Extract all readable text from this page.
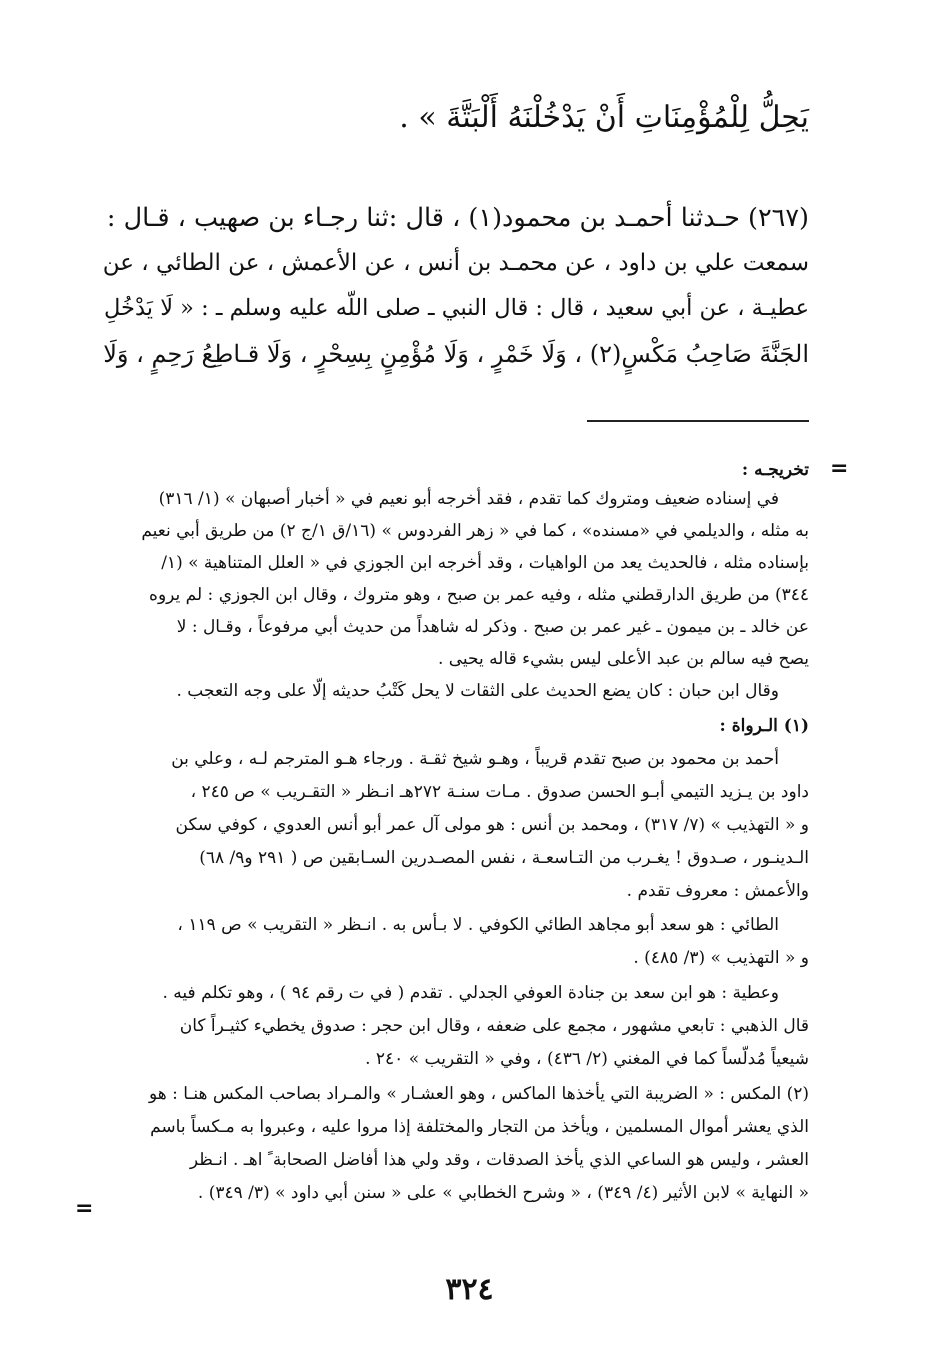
يَحِلُّ لِلْمُؤْمِنَاتِ أَنْ يَدْخُلْنَهُ أَلْبَتَّةَ » .
(٢٦٧) حـدثنا أحمـد بن محمود(١) ، قال :ثنا رجـاء بن صهيب ، قـال :
سمعت علي بن داود ، عن محمـد بن أنس ، عن الأعمش ، عن الطائي ، عن
عطيـة ، عن أبي سعيد ، قال : قال النبي ـ صلى اللّه عليه وسلم ـ : « لَا يَدْخُلِ
الجَنَّةَ صَاحِبُ مَكْسٍ(٢) ، وَلَا خَمْرٍ ، وَلَا مُؤْمِنٍ بِسِحْرٍ ، وَلَا قـاطِعُ رَحِمٍ ، وَلَا
=
=
تخريجـه :
في إسناده ضعيف ومتروك كما تقدم ، فقد أخرجه أبو نعيم في « أخبار أصبهان » (١/ ٣١٦)
به مثله ، والديلمي في «مسنده» ، كما في « زهر الفردوس » (١٦/ق ١/ج ٢) من طريق أبي نعيم
بإسناده مثله ، فالحديث يعد من الواهيات ، وقد أخرجه ابن الجوزي في « العلل المتناهية » (١/
٣٤٤) من طريق الدارقطني مثله ، وفيه عمر بن صبح ، وهو متروك ، وقال ابن الجوزي : لم يروه
عن خالد ـ بن ميمون ـ غير عمر بن صبح . وذكر له شاهداً من حديث أبي مرفوعاً ، وقـال : لا
يصح فيه سالم بن عبد الأعلى ليس بشيء قاله يحيى .
وقال ابن حبان : كان يضع الحديث على الثقات لا يحل كَتْبُ حديثه إلّا على وجه التعجب .
(١) الـرواة :
أحمد بن محمود بن صبح تقدم قريباً ، وهـو شيخ ثقـة . ورجاء هـو المترجم لـه ، وعلي بن
داود بن يـزيد التيمي أبـو الحسن صدوق . مـات سنـة ٢٧٢هـ انـظر « التقـريب » ص ٢٤٥ ،
و « التهذيب » (٧/ ٣١٧) ، ومحمد بن أنس : هو مولى آل عمر أبو أنس العدوي ، كوفي سكن
الـدينـور ، صـدوق ! يغـرب من التـاسعـة ، نفس المصـدرين السـابقين ص ( ٢٩١ و٩/ ٦٨)
والأعمش : معروف تقدم .
الطائي : هو سعد أبو مجاهد الطائي الكوفي . لا بـأس به . انـظر « التقريب » ص ١١٩ ،
و « التهذيب » (٣/ ٤٨٥) .
وعطية : هو ابن سعد بن جنادة العوفي الجدلي . تقدم ( في ت رقم ٩٤ ) ، وهو تكلم فيه .
قال الذهبي : تابعي مشهور ، مجمع على ضعفه ، وقال ابن حجر : صدوق يخطيء كثيـراً كان
شيعياً مُدلّساً كما في المغني (٢/ ٤٣٦) ، وفي « التقريب » ٢٤٠ .
(٢) المكس : « الضريبة التي يأخذها الماكس ، وهو العشـار » والمـراد بصاحب المكس هنـا : هو
الذي يعشر أموال المسلمين ، ويأخذ من التجار والمختلفة إذا مروا عليه ، وعبروا به مـكساً باسم
العشر ، وليس هو الساعي الذي يأخذ الصدقات ، وقد ولي هذا أفاضل الصحابة ً اهـ . انـظر
« النهاية » لابن الأثير (٤/ ٣٤٩) ، « وشرح الخطابي » على « سنن أبي داود » (٣/ ٣٤٩) .
٣٢٤
